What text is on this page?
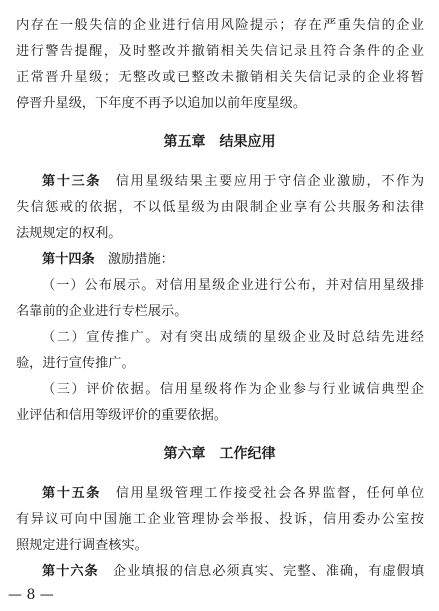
内存在一般失信的企业进行信用风险提示；存在严重失信的企业
进行警告提醒，及时整改并撤销相关失信记录且符合条件的企业
正常晋升星级；无整改或已整改未撤销相关失信记录的企业将暂
停晋升星级，下年度不再予以追加以前年度星级。
第五章　结果应用
第十三条　信用星级结果主要应用于守信企业激励，不作为
失信惩戒的依据，不以低星级为由限制企业享有公共服务和法律
法规规定的权利。
第十四条　激励措施：
（一）公布展示。对信用星级企业进行公布，并对信用星级排
名靠前的企业进行专栏展示。
（二）宣传推广。对有突出成绩的星级企业及时总结先进经
验，进行宣传推广。
（三）评价依据。信用星级将作为企业参与行业诚信典型企
业评估和信用等级评价的重要依据。
第六章　工作纪律
第十五条　信用星级管理工作接受社会各界监督，任何单位
有异议可向中国施工企业管理协会举报、投诉，信用委办公室按
照规定进行调查核实。
第十六条　企业填报的信息必须真实、完整、准确，有虚假填
— 8 —
